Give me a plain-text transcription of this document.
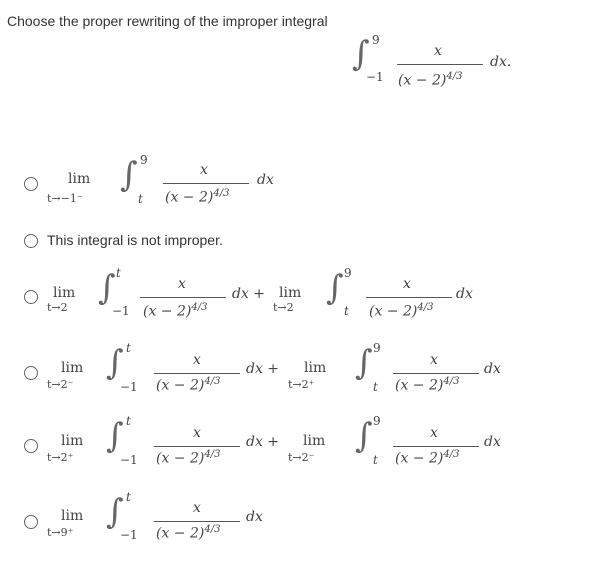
Choose the proper rewriting of the improper integral
∫ 9
−1
x
$(x - 2)^{4/3}$
dx.
lim
t→−1⁻
∫ 9
t
x
$(x - 2)^{4/3}$
dx
This integral is not improper.
lim
t→2 ∫ t
−1
x
$(x - 2)^{4/3}$
dx + lim
t→2 ∫ 9
t
x
$(x - 2)^{4/3}$
dx
lim
t→2⁻
∫ t
−1
x
$(x - 2)^{4/3}$
dx + lim
t→2⁺
∫ 9
t
x
$(x - 2)^{4/3}$
dx
lim
t→2⁺
∫ t
−1
x
$(x - 2)^{4/3}$
dx + lim
t→2⁻
∫ 9
t
x
$(x - 2)^{4/3}$
dx
lim
t→9⁺
∫ t
−1
x
$(x - 2)^{4/3}$
dx
